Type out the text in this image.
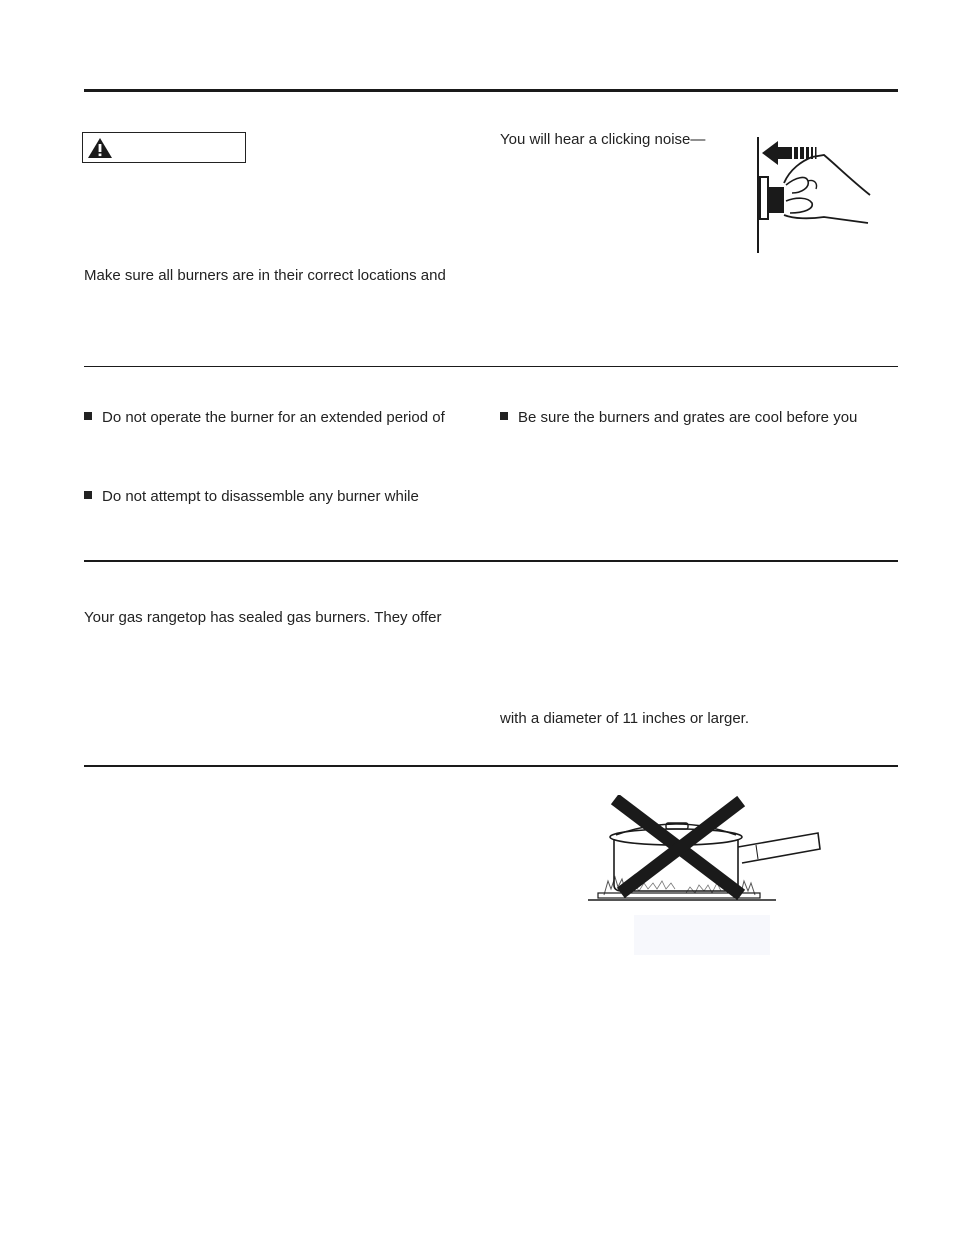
Make sure all burners are in their correct locations and
You will hear a clicking noise—
Do not operate the burner for an extended period of
Do not attempt to disassemble any burner while
Be sure the burners and grates are cool before you
Your gas rangetop has sealed gas burners. They offer
with a diameter of 11 inches or larger.
